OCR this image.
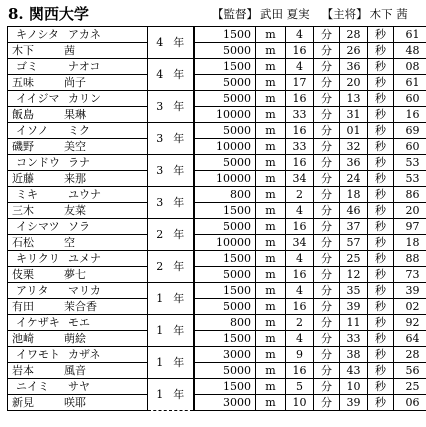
8. 関西大学	【監督】 武田 夏実 【主将】 木下 茜
キノシタ アカネ	4 年	1500	m	4	分	28	秒	61
木下 茜		5000	m	16	分	26	秒	48
ゴミ ナオコ	4 年	1500	m	4	分	36	秒	08
五味 尚子		5000	m	17	分	20	秒	61
イイジマ カリン	3 年	5000	m	16	分	13	秒	60
飯島 果琳		10000	m	33	分	31	秒	16
イソノ ミク	3 年	5000	m	16	分	01	秒	69
磯野 美空		10000	m	33	分	32	秒	60
コンドウ ラナ	3 年	5000	m	16	分	36	秒	53
近藤 来那		10000	m	34	分	24	秒	53
ミキ ユウナ	3 年	800	m	2	分	18	秒	86
三木 友菜		1500	m	4	分	46	秒	20
イシマツ ソラ	2 年	5000	m	16	分	37	秒	97
石松 空		10000	m	34	分	57	秒	18
キリクリ ユメナ	2 年	1500	m	4	分	25	秒	88
伎栗 夢七		5000	m	16	分	12	秒	73
アリタ マリカ	1 年	1500	m	4	分	35	秒	39
有田 茉合香		5000	m	16	分	39	秒	02
イケザキ モエ	1 年	800	m	2	分	11	秒	92
池崎 萌絵		1500	m	4	分	33	秒	64
イワモト カザネ	1 年	3000	m	9	分	38	秒	28
岩本 風音		5000	m	16	分	43	秒	56
ニイミ サヤ	1 年	1500	m	5	分	10	秒	25
新見 咲耶		3000	m	10	分	39	秒	06
